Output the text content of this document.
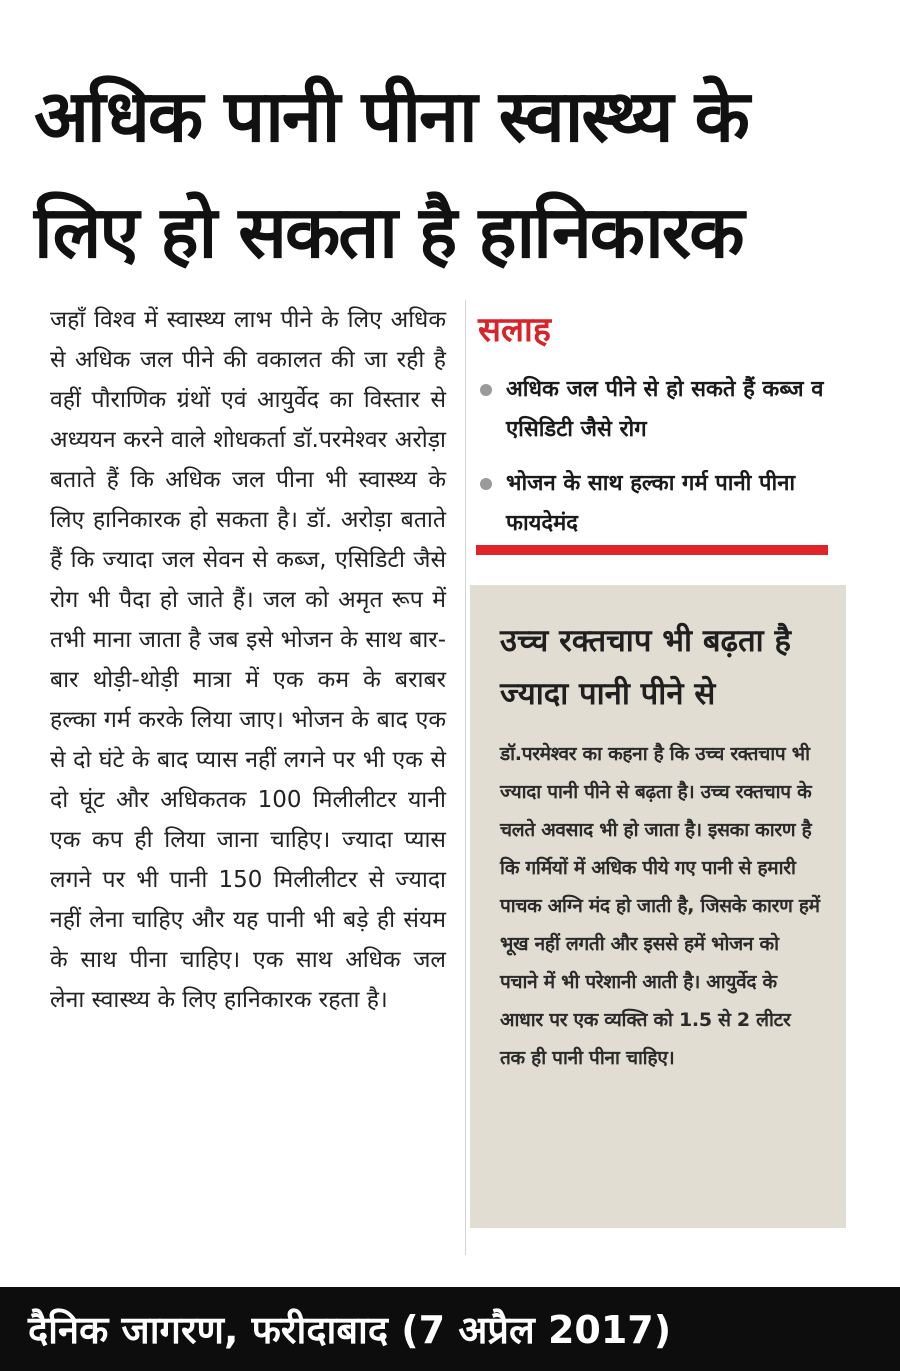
अधिक पानी पीना स्वास्थ्य के लिए हो सकता है हानिकारक

जहाँ विश्व में स्वास्थ्य लाभ पीने के लिए अधिक से अधिक जल पीने की वकालत की जा रही है वहीं पौराणिक ग्रंथों एवं आयुर्वेद का विस्तार से अध्ययन करने वाले शोधकर्ता डॉ.परमेश्वर अरोड़ा बताते हैं कि अधिक जल पीना भी स्वास्थ्य के लिए हानिकारक हो सकता है। डॉ. अरोड़ा बताते हैं कि ज्यादा जल सेवन से कब्ज, एसिडिटी जैसे रोग भी पैदा हो जाते हैं। जल को अमृत रूप में तभी माना जाता है जब इसे भोजन के साथ बार-बार थोड़ी-थोड़ी मात्रा में एक कम के बराबर हल्का गर्म करके लिया जाए। भोजन के बाद एक से दो घंटे के बाद प्यास नहीं लगने पर भी एक से दो घूंट और अधिकतक 100 मिलीलीटर यानी एक कप ही लिया जाना चाहिए। ज्यादा प्यास लगने पर भी पानी 150 मिलीलीटर से ज्यादा नहीं लेना चाहिए और यह पानी भी बड़े ही संयम के साथ पीना चाहिए। एक साथ अधिक जल लेना स्वास्थ्य के लिए हानिकारक रहता है।

सलाह
अधिक जल पीने से हो सकते हैं कब्ज व एसिडिटी जैसे रोग
भोजन के साथ हल्का गर्म पानी पीना फायदेमंद
उच्च रक्तचाप भी बढ़ता है ज्यादा पानी पीने से

डॉ.परमेश्वर का कहना है कि उच्च रक्तचाप भी ज्यादा पानी पीने से बढ़ता है। उच्च रक्तचाप के चलते अवसाद भी हो जाता है। इसका कारण है कि गर्मियों में अधिक पीये गए पानी से हमारी पाचक अग्नि मंद हो जाती है, जिसके कारण हमें भूख नहीं लगती और इससे हमें भोजन को पचाने में भी परेशानी आती है। आयुर्वेद के आधार पर एक व्यक्ति को 1.5 से 2 लीटर तक ही पानी पीना चाहिए।

दैनिक जागरण, फरीदाबाद (7 अप्रैल 2017)
